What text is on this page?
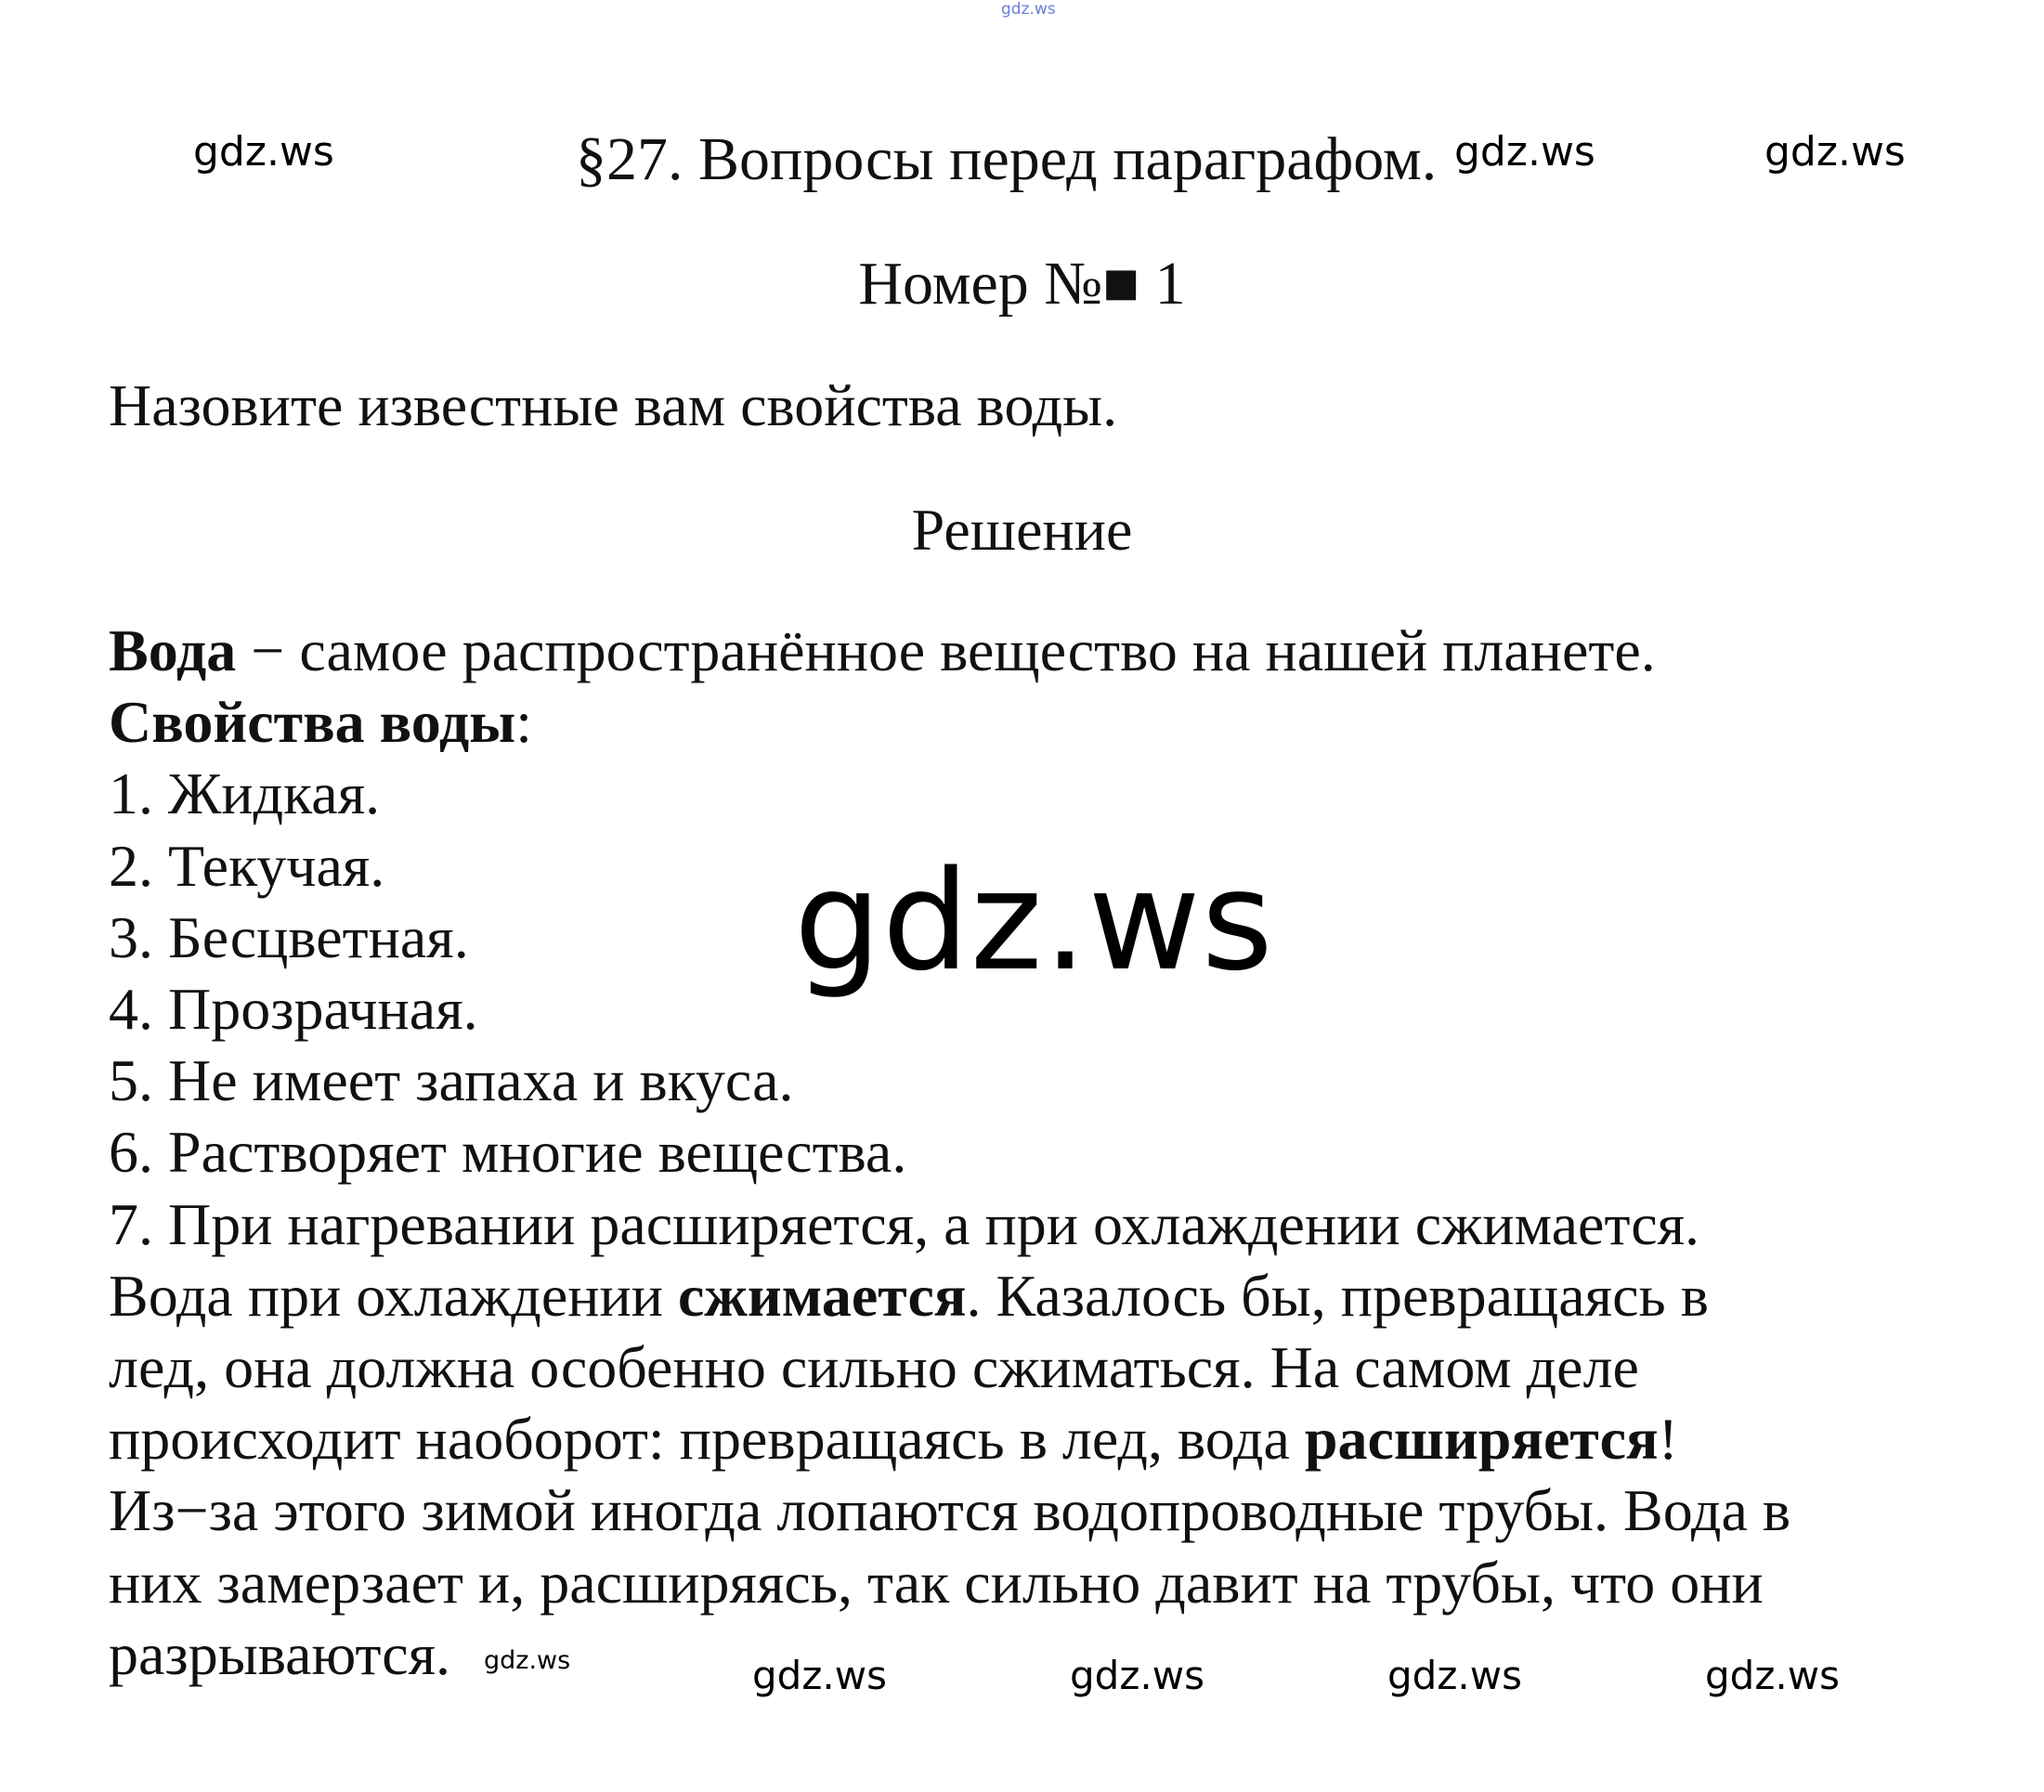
gdz.ws
gdz.ws	gdz.ws
§27. Вопросы перед параграфом. gdz.ws
Номер №■ 1
Назовите известные вам свойства воды.
Решение

Вода − самое распространённое вещество на нашей планете.

Свойства воды:

1. Жидкая.
2. Текучая.
3. Бесцветная.
4. Прозрачная.
5. Не имеет запаха и вкуса.
6. Растворяет многие вещества.
7. При нагревании расширяется, а при охлаждении сжимается.

Вода при охлаждении сжимается. Казалось бы, превращаясь в

лед, она должна особенно сильно сжиматься. На самом деле

происходит наоборот: превращаясь в лед, вода расширяется!

Из−за этого зимой иногда лопаются водопроводные трубы. Вода в

них замерзает и, расширяясь, так сильно давит на трубы, что они

разрываются.

gdz.ws
gdz.ws	gdz.ws	gdz.ws	gdz.ws	gdz.ws
